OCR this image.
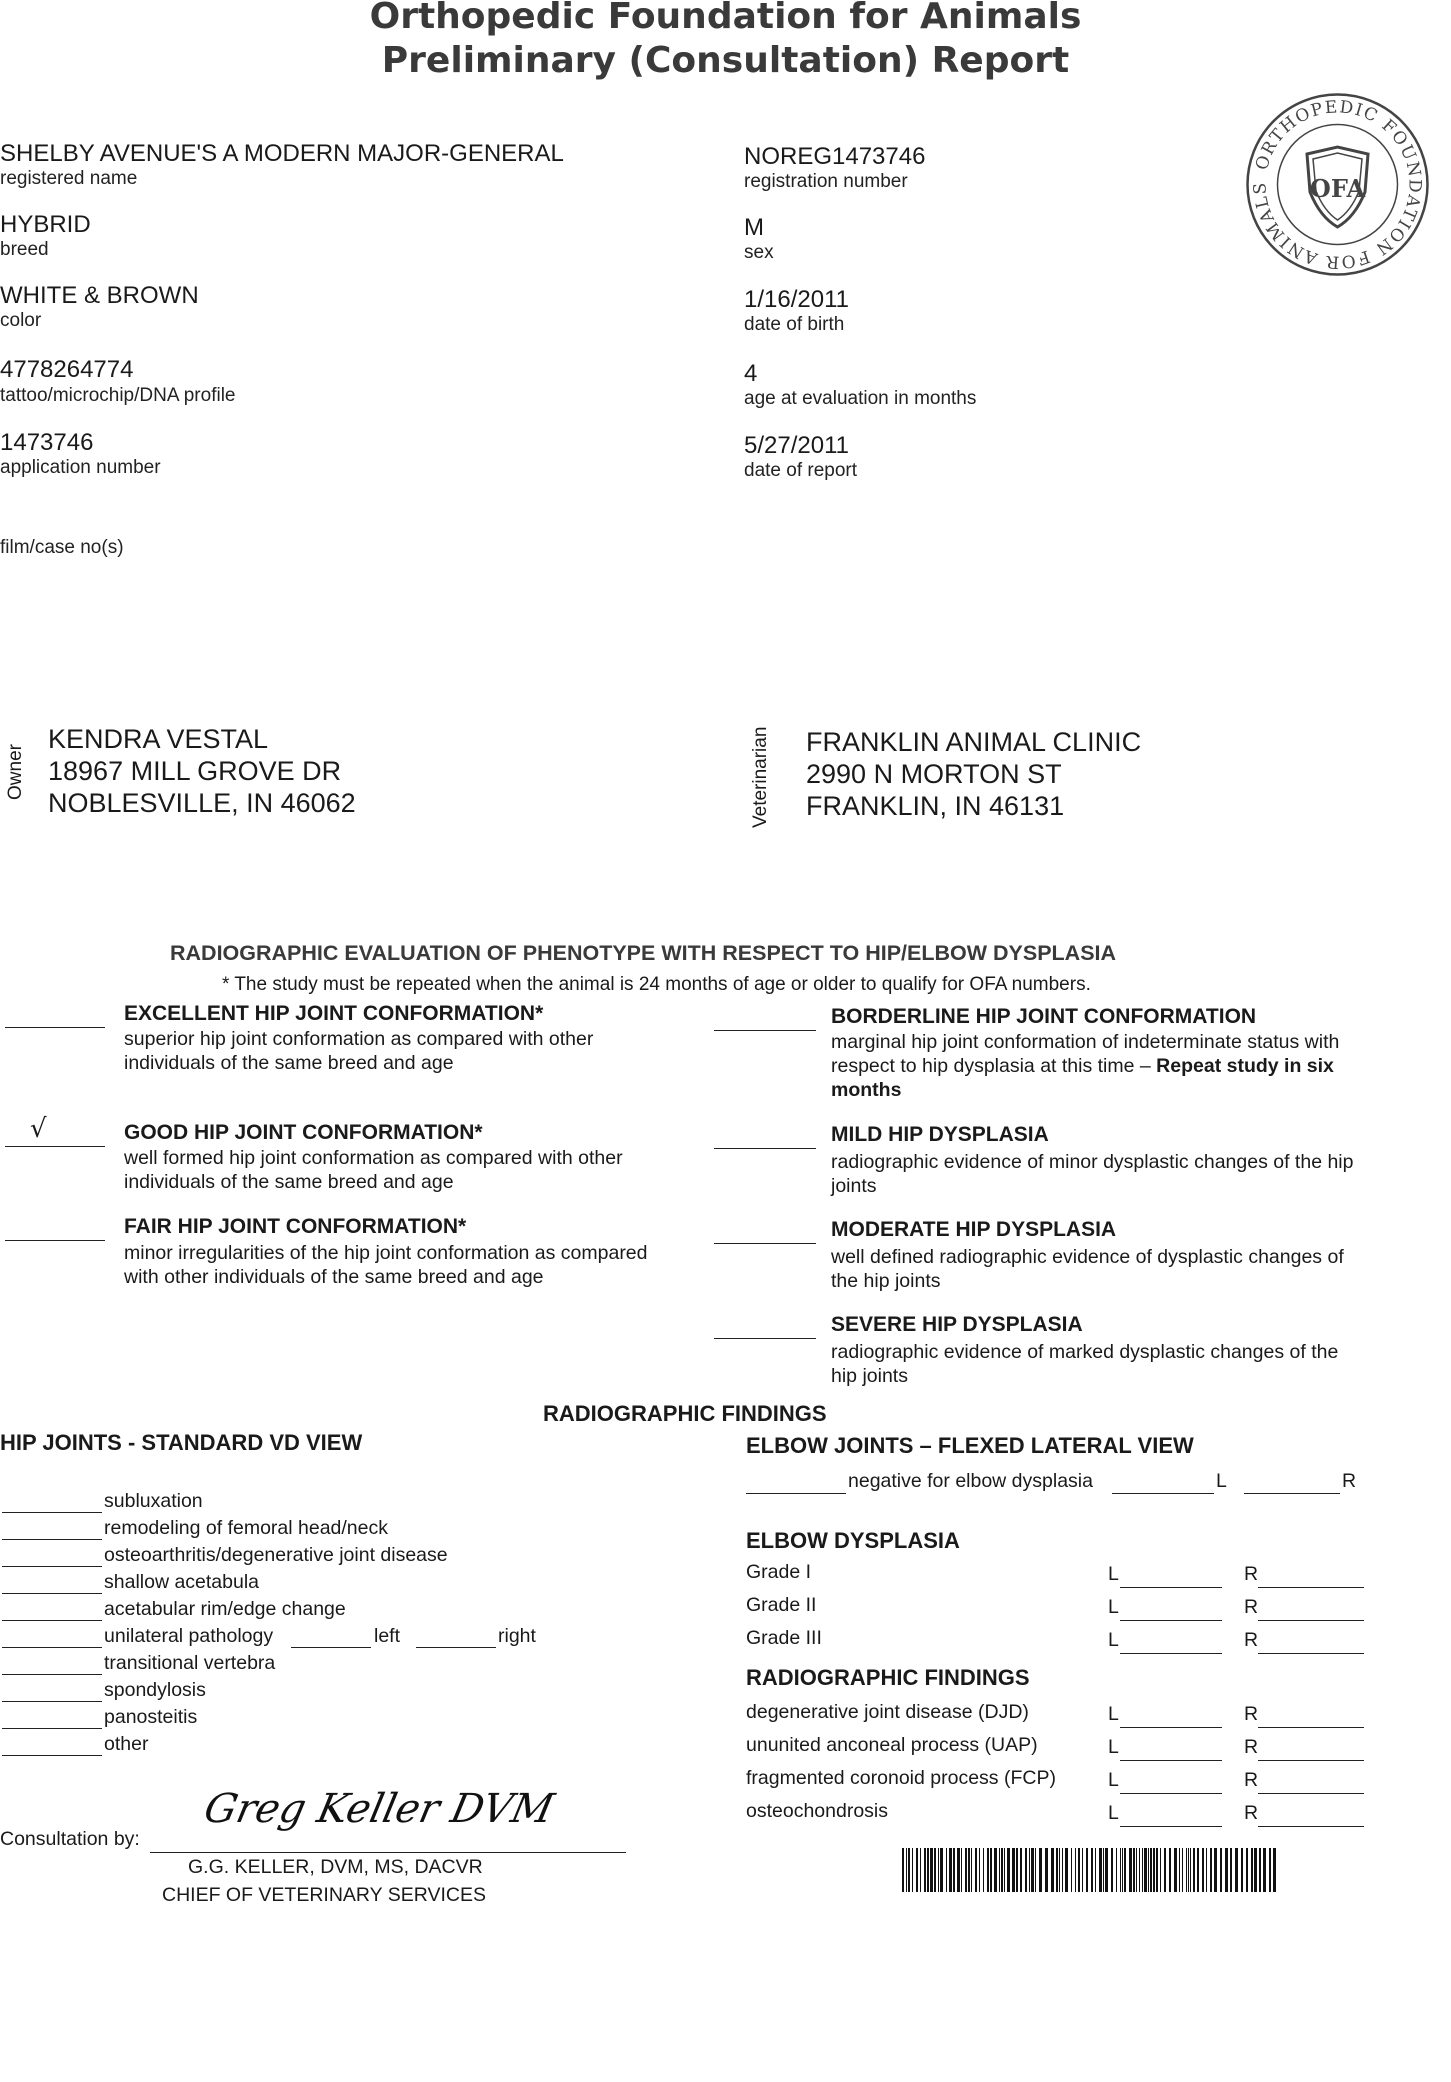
Orthopedic Foundation for Animals
Preliminary (Consultation) Report
ORTHOPEDIC FOUNDATION FOR ANIMALS	OFA
SHELBY AVENUE'S A MODERN MAJOR-GENERAL
registered name
HYBRID
breed
WHITE & BROWN
color
4778264774
tattoo/microchip/DNA profile
1473746
application number
film/case no(s)
NOREG1473746
registration number
M
sex
1/16/2011
date of birth
4
age at evaluation in months
5/27/2011
date of report
Owner
KENDRA VESTAL
18967 MILL GROVE DR
NOBLESVILLE, IN 46062	Veterinarian FRANKLIN ANIMAL CLINIC
2990 N MORTON ST
FRANKLIN, IN 46131
RADIOGRAPHIC EVALUATION OF PHENOTYPE WITH RESPECT TO HIP/ELBOW DYSPLASIA
* The study must be repeated when the animal is 24 months of age or older to qualify for OFA numbers.
EXCELLENT HIP JOINT CONFORMATION*
superior hip joint conformation as compared with other
individuals of the same breed and age
√	GOOD HIP JOINT CONFORMATION*
well formed hip joint conformation as compared with other
individuals of the same breed and age
FAIR HIP JOINT CONFORMATION*
minor irregularities of the hip joint conformation as compared
with other individuals of the same breed and age
BORDERLINE HIP JOINT CONFORMATION
marginal hip joint conformation of indeterminate status with
respect to hip dysplasia at this time – Repeat study in six
months
MILD HIP DYSPLASIA
radiographic evidence of minor dysplastic changes of the hip
joints
MODERATE HIP DYSPLASIA
well defined radiographic evidence of dysplastic changes of
the hip joints
SEVERE HIP DYSPLASIA
radiographic evidence of marked dysplastic changes of the
hip joints
RADIOGRAPHIC FINDINGS
HIP JOINTS - STANDARD VD VIEW
subluxation
remodeling of femoral head/neck
osteoarthritis/degenerative joint disease
shallow acetabula
acetabular rim/edge change
unilateral pathology	left	right
transitional vertebra
spondylosis
panosteitis
other
ELBOW JOINTS – FLEXED LATERAL VIEW
negative for elbow dysplasia	L	R
ELBOW DYSPLASIA
Grade I	L	R
Grade II	L	R
Grade III	L	R
RADIOGRAPHIC FINDINGS
degenerative joint disease (DJD)	L	R
ununited anconeal process (UAP)	L	R
fragmented coronoid process (FCP)	L	R
osteochondrosis	L	R
Consultation by:
Greg Keller DVM
G.G. KELLER, DVM, MS, DACVR
CHIEF OF VETERINARY SERVICES
